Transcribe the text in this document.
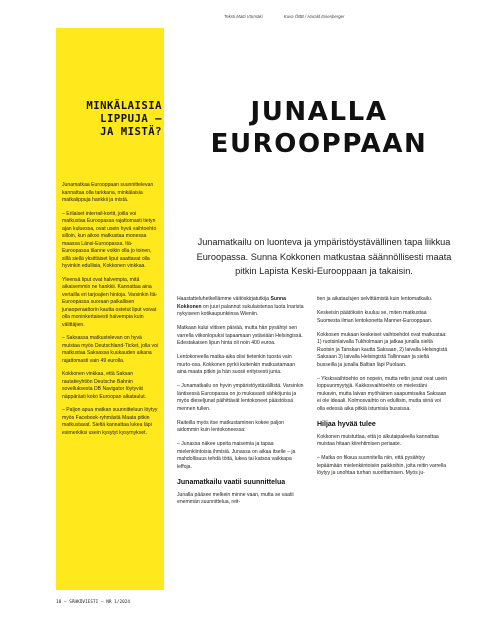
Teksti Matti Värmäki	Kuva ÖBB / Harald Eisenberger
MINKÄLAISIA
LIPPUJA —
JA MISTÄ?

Junamatkaa Eurooppaan suunnittelevan kannattaa olla tarkkana, minkälaisia matkalippuja hankkii ja mistä.

– Erilaiset interrail-kortit, joilla voi matkustaa Euroopassa rajattomasti tietyn ajan kuluessa, ovat usein hyvä vaihtoehto silloin, kun aikoo matkustaa monessa maassa Länsi-Euroopassa. Itä-Euroopassa tilanne voikin olla jo toinen, sillä siellä yksittäiset liput saattavat olla hyvinkin edullisia, Kokkonen vinkkaa.

Yleensä liput ovat halvempia, mitä aikaisemmin ne hankkii. Kannattaa aina vertailla eri tarjoajien hintoja. Varsinkin Itä-Euroopassa suoraan paikallisen junaoperaattorin kautta ostetut liput voivat olla moninkertaisesti halvempia kuin välittäjien.

– Saksassa matkustelevan on hyvä muistaa myös Deutschland-Ticket, jolla voi matkustaa Saksassa kuukauden aikana rajattomasti vain 49 eurolla.

Kokkonen vinkkaa, että Saksan rautatieyhtiön Deutsche Bahnin sovelluksesta DB Navigator löytyvät näppärästi koko Euroopan aikataulut.

– Paljon apua matkan suunnitteluun löytyy myös Facebook-ryhmästä Maata pitkin matkustavat. Sieltä kannattaa lukea läpi esimerkiksi usein kysytyt kysymykset.

JUNALLA
EUROOPPAAN

Junamatkailu on luonteva ja ympäristöystävällinen tapa liikkua Euroopassa. Sunna Kokkonen matkustaa säännöllisesti maata pitkin Lapista Keski-Eurooppaan ja takaisin.

Haastatteluhetkellämme väitöskirjatutkija Sunna Kokkonen on juuri palannut sukulaistensa luota Inarista nykyiseen kotikaupunkiinsa Wieniin.

Matkaan kului viitisen päivää, mutta hän pysähtyi sen varrella viikonlopuksi tapaamaan ystäviään Helsingissä. Edestakaisen lipun hinta oli noin 400 euroa.

Lentokoneella matka-aika olisi tietenkin tuosta vain murto-osa. Kokkonen pyrkii kuitenkin matkustamaan aina maata pitkin ja hän suosii erityisesti junia.

– Junamatkailu on hyvin ympäristöystävällistä. Varsinkin läntisessä Euroopassa on jo mukavasti sähköjunia ja myös dieseljunat päihittävät lentokoneet päästöissä mennen tullen.

Raiteilla myös itse matkustaminen kokee paljon aidommin kuin lentokoneessa:

– Junassa näkee upeita maisemia ja tapaa mielenkiintoisia ihmisiä. Junassa on aikaa itselle – ja mahdollisuus tehdä töitä, lukea tai katsoa vaikkapa leffoja.

Junamatkailu vaatii suunnittelua

Junalla pääsee melkein minne vaan, mutta se vaatii enemmän suunnittelua, reit-

tien ja aikataulujen selvittämistä kuin lentomatkailu.

Keskeisin päätöksiin kuuluu se, miten matkustaa Suomesta ilman lentokonetta Manner-Eurooppaan.

Kokkosen mukaan keskeiset vaihtoehdot ovat matkustaa: 1) ruotsinlaivalla Tukholmaan ja jatkaa junalla sieltä Ruotsin ja Tanskan kautta Saksaan, 2) laivalla Helsingistä Saksaan 3) laivalla Helsingistä Tallinnaan ja sieltä busseilla ja junalla Baltian läpi Puolaan.

– Yksksvaihtoehto on nopein, mutta reitin junat ovat usein loppuunmyytyjä. Kakkosvaihtoehto on mielestäni mukavin, mutta laivan myöhäinen saapumisaika Saksaan ei ole ideaali. Kolmosvaihto on edullisin, mutta siinä voi olla edessä aika pitkiä istumisia bussissa.

Hiljaa hyvää tulee

Kokkonen muistuttaa, että jo alkutaipaleella kannattaa muistaa hitaan kiirehtimisen periaate.

– Matka on fiksua suunnitella niin, että pysähtyy lepäämään mielenkiintoisiin paikkoihin, joita reitin varrella löytyy ja unohtaa turhan suorittamisen. Myös ju-

18 — SÄHKÖVIESTI — NR 1/2024
